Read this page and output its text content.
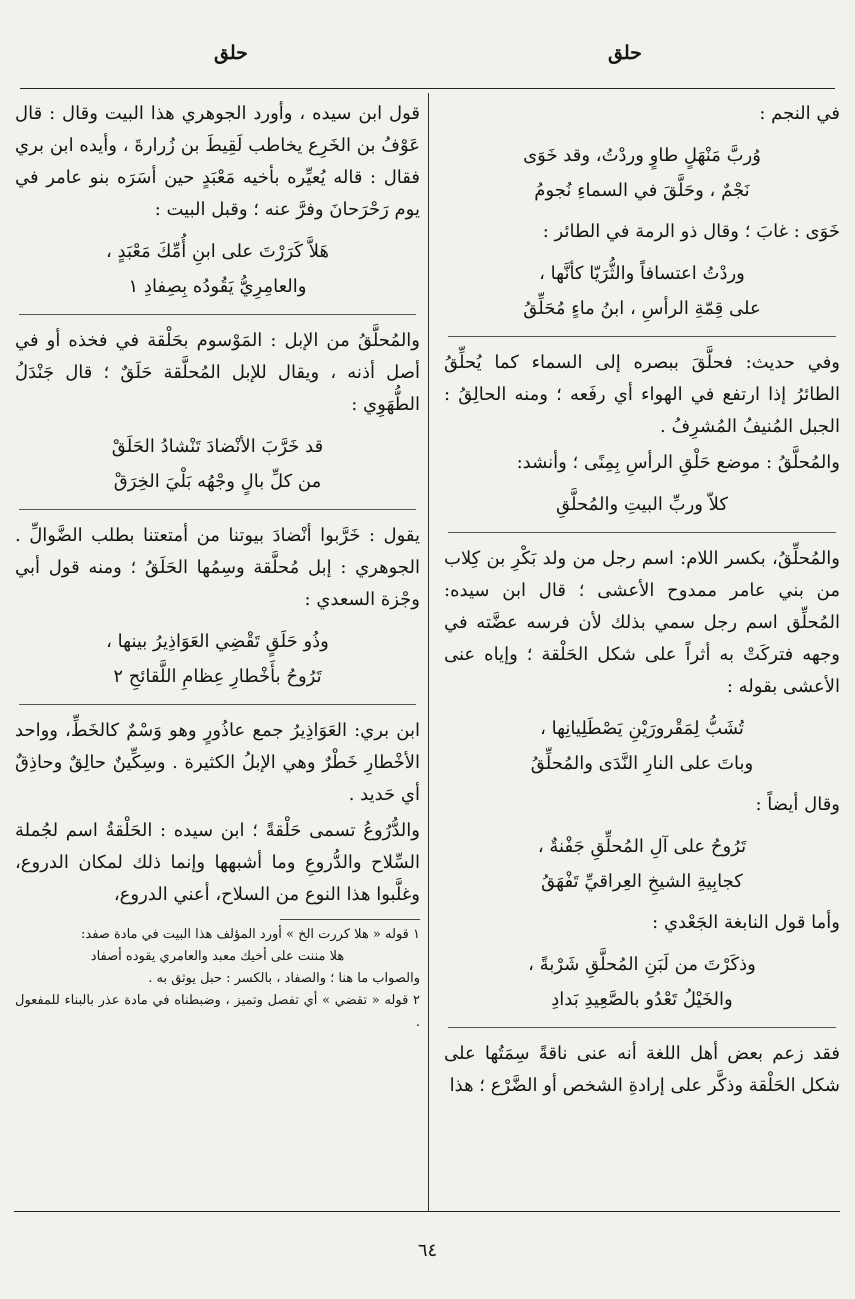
حلق
حلق

في النجم :

وُربَّ مَنْهَلٍ طاوٍ وردْتُ، وقد خَوَى
نَجْمٌ ، وحَلَّقَ في السماءِ نُجومُ

خَوَى : غابَ ؛ وقال ذو الرمة في الطائر :

وردْتُ اعتسافاً والثُّرَيّا كأنَّها ،
على قِمّةِ الرأسِ ، ابنُ ماءٍ مُحَلِّقُ

وفي حديث: فحلَّقَ ببصره إلى السماء كما يُحلِّقُ الطائرُ إذا ارتفع في الهواء أي رفَعه ؛ ومنه الحالِقُ : الجبل المُنيفُ المُشرِفُ .

والمُحلَّقُ : موضع حَلْقِ الرأسِ بِمِنًى ؛ وأنشد:

كلاّ وربِّ البيتِ والمُحلَّقِ

والمُحلِّقُ، بكسر اللام: اسم رجل من ولد بَكْرِ بن كِلاب من بني عامر ممدوح الأعشى ؛ قال ابن سيده: المُحلِّق اسم رجل سمي بذلك لأن فرسه عضَّته في وجهه فتركَتْ به أثراً على شكل الحَلْقة ؛ وإياه عنى الأعشى بقوله :

تُشَبُّ لِمَقْرورَيْنِ يَصْطَلِيانِها ،
وباتَ على النارِ النَّدَى والمُحلِّقُ

وقال أيضاً :

تَرُوحُ على آلِ المُحلِّقِ جَفْنةٌ ،
كجابِيةِ الشيخِ العِراقيِّ تَفْهَقُ

وأما قول النابغة الجَعْدي :

وذكَرْتَ من لَبَنِ المُحلَّقِ شَرْبةً ،
والخَيْلُ تَعْدُو بالصَّعِيدِ بَدادِ

فقد زعم بعض أهل اللغة أنه عنى ناقةً سِمَتُها على شكل الحَلْقة وذكَّر على إرادةِ الشخص أو الضَّرْع ؛ هذا

قول ابن سيده ، وأورد الجوهري هذا البيت وقال : قال عَوْفُ بن الخَرِع يخاطب لَقِيطَ بن زُرارةَ ، وأيده ابن بري فقال : قاله يُعيِّره بأخيه مَعْبَدٍ حين أسَرَه بنو عامر في يوم رَحْرَحانَ وفرَّ عنه ؛ وقبل البيت :

هَلاَّ كَرَرْتَ على ابنِ أُمِّكَ مَعْبَدٍ ،
والعامِرِيُّ يَقُودُه بِصِفادِ ١

والمُحلَّقُ من الإبل : المَوْسوم بحَلْقة في فخذه أو في أصل أذنه ، ويقال للإبل المُحلَّقة حَلَقٌ ؛ قال جَنْدَلُ الطُّهَوِي :

قد خَرَّبَ الأنْضادَ تَنْشادُ الحَلَقْ
من كلِّ بالٍ وجْهُه بَلْيَ الخِرَقْ

يقول : خَرَّبوا أنْضادَ بيوتنا من أمتعتنا بطلب الضَّوالِّ . الجوهري : إبل مُحلَّقة وسِمُها الحَلَقُ ؛ ومنه قول أبي وجْزة السعدي :

وذُو حَلَقٍ تَقْضِي العَوَاذِيرُ بينها ،
تَرُوحُ بأَخْطارِ عِظامِ اللَّقائحِ ٢

ابن بري: العَوَاذِيرُ جمع عاذُورٍ وهو وَسْمٌ كالخَطِّ، وواحد الأخْطارِ خَطْرٌ وهي الإبلُ الكثيرة . وسِكِّينٌ حالِقٌ وحاذِقٌ أي حَديد .

والدُّرُوعُ تسمى حَلْقةً ؛ ابن سيده : الحَلْقةُ اسم لجُملة السِّلاح والدُّروعِ وما أشبهها وإنما ذلك لمكان الدروع، وغلَّبوا هذا النوع من السلاح، أعني الدروع،

١ قوله « هلا كررت الخ » أورد المؤلف هذا البيت في مادة صفد:
هلا مننت على أخيك معبد والعامري يقوده أصفاد
والصواب ما هنا ؛ والصفاد ، بالكسر : حبل يوثق به .
٢ قوله « تقضي » أي تفصل وتميز ، وضبطناه في مادة عذر بالبناء للمفعول .
٦٤
